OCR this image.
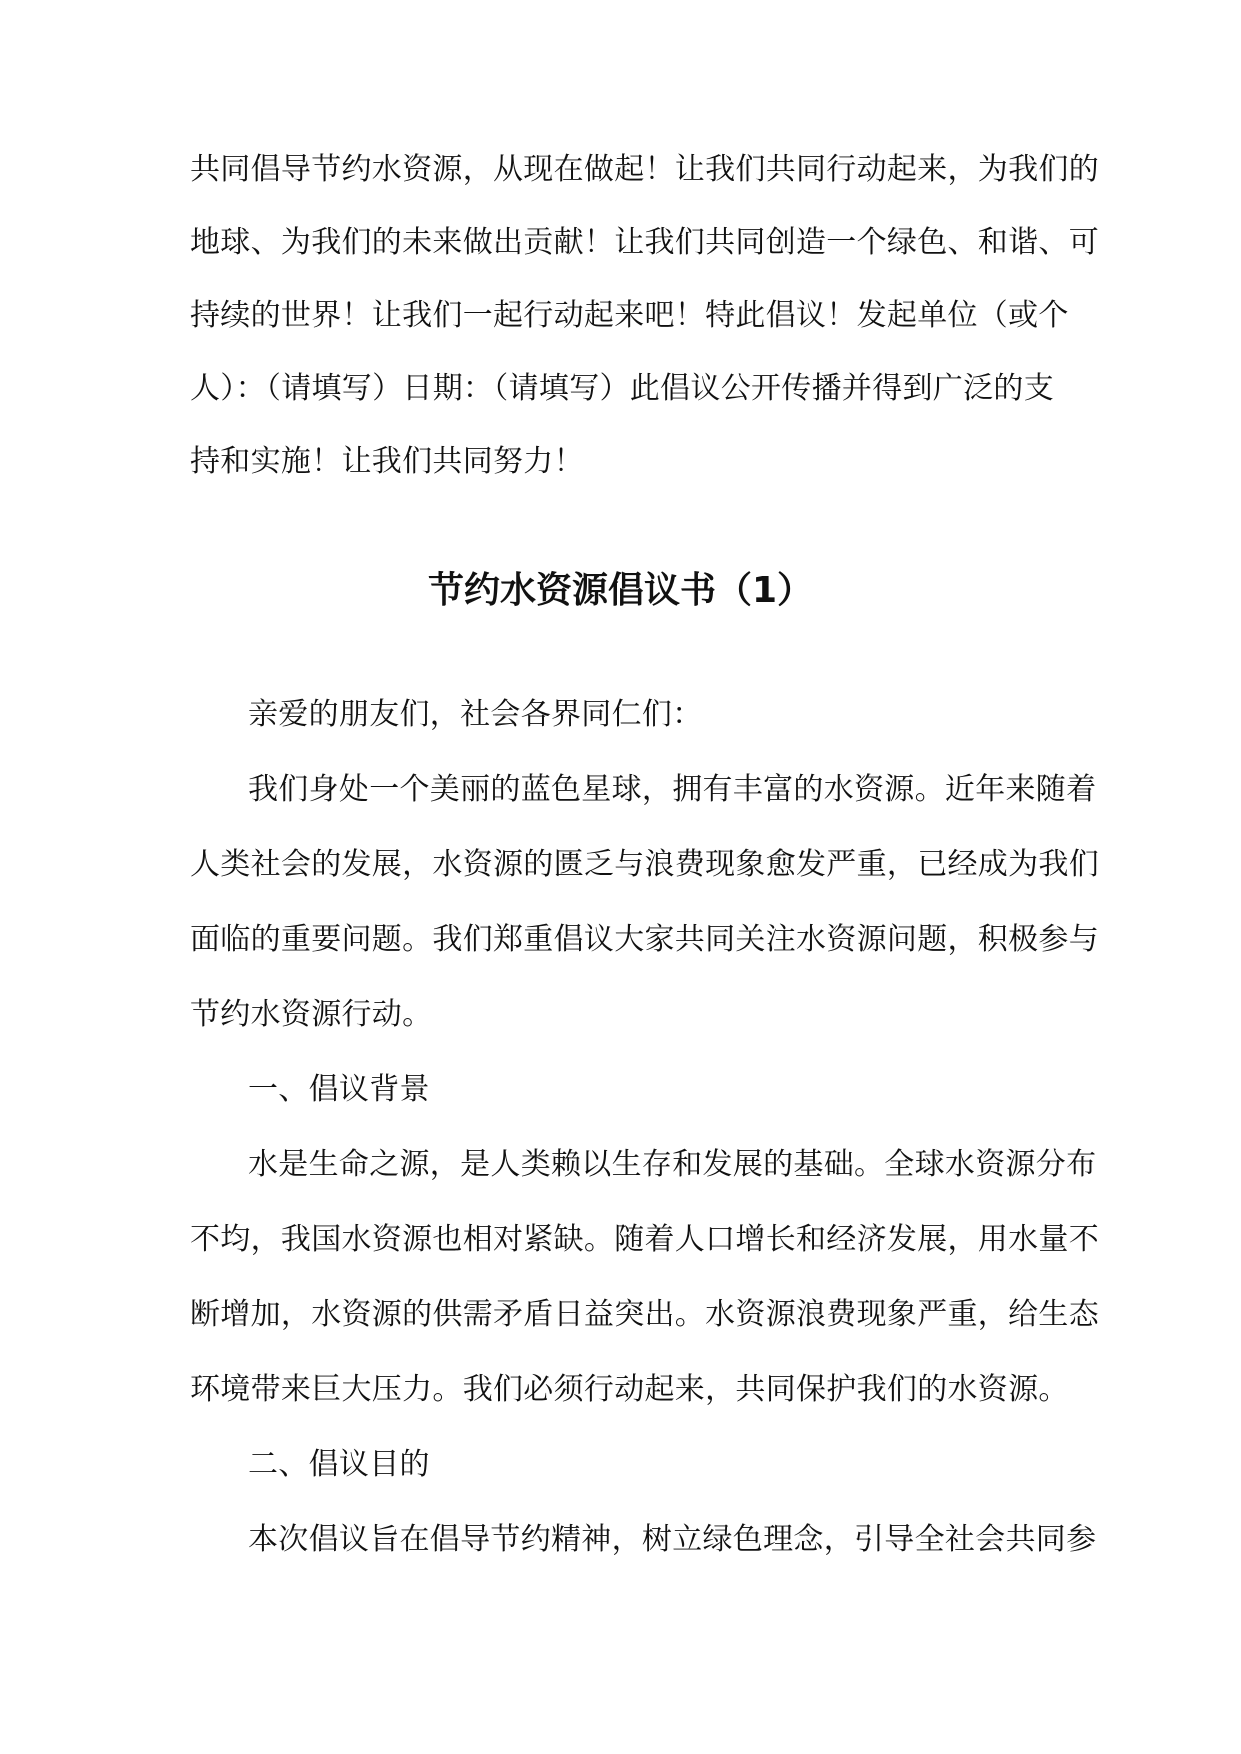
共同倡导节约水资源，从现在做起！让我们共同行动起来，为我们的
地球、为我们的未来做出贡献！让我们共同创造一个绿色、和谐、可
持续的世界！让我们一起行动起来吧！特此倡议！发起单位（或个
人）：（请填写）日期：（请填写）此倡议公开传播并得到广泛的支
持和实施！让我们共同努力！
节约水资源倡议书（1）
亲爱的朋友们，社会各界同仁们：
我们身处一个美丽的蓝色星球，拥有丰富的水资源。近年来随着
人类社会的发展，水资源的匮乏与浪费现象愈发严重，已经成为我们
面临的重要问题。我们郑重倡议大家共同关注水资源问题，积极参与
节约水资源行动。
一、倡议背景
水是生命之源，是人类赖以生存和发展的基础。全球水资源分布
不均，我国水资源也相对紧缺。随着人口增长和经济发展，用水量不
断增加，水资源的供需矛盾日益突出。水资源浪费现象严重，给生态
环境带来巨大压力。我们必须行动起来，共同保护我们的水资源。
二、倡议目的
本次倡议旨在倡导节约精神，树立绿色理念，引导全社会共同参
